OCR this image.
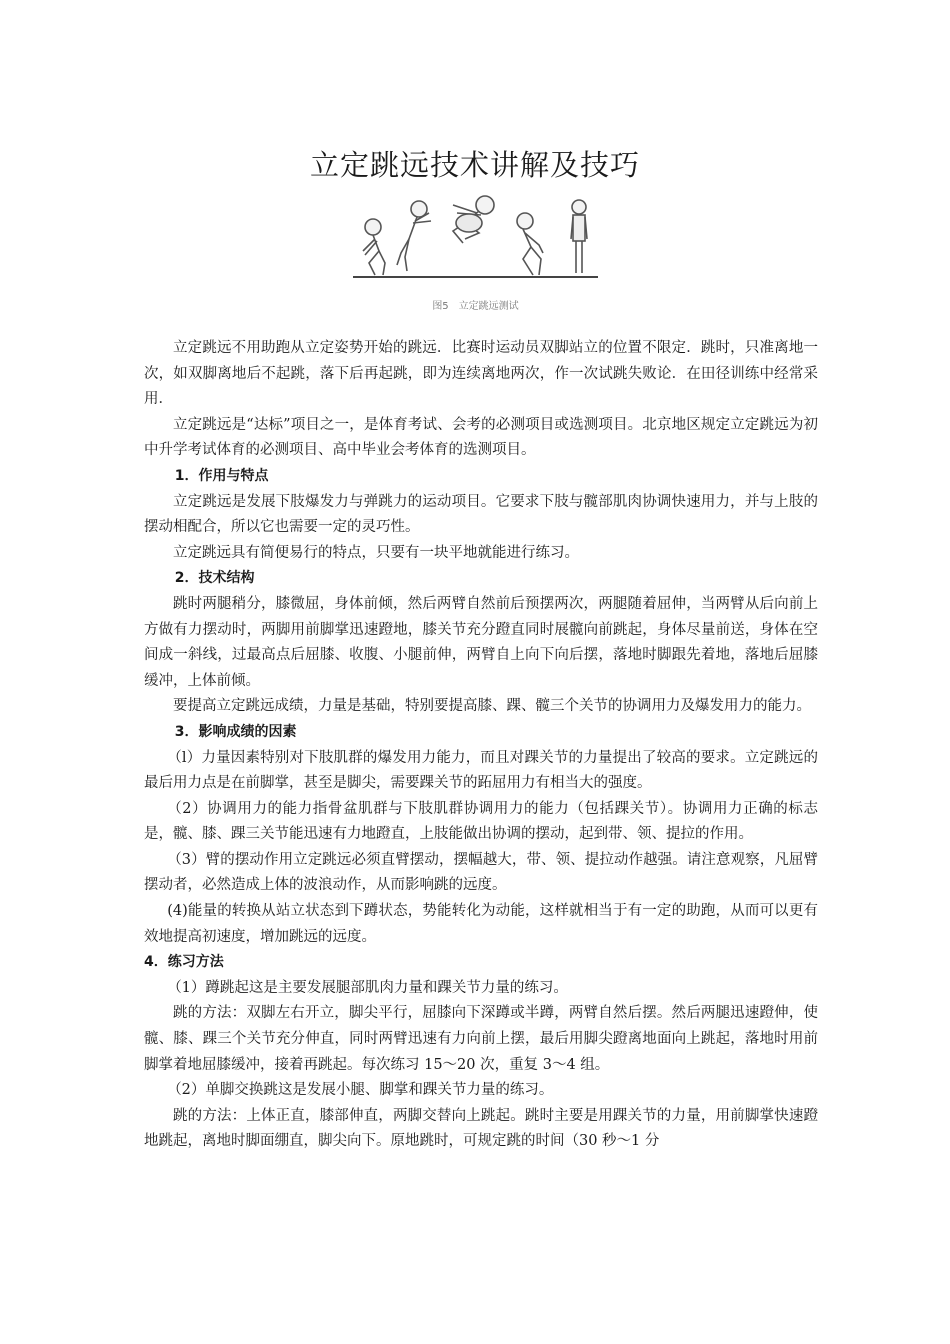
立定跳远技术讲解及技巧
图5　立定跳远测试

立定跳远不用助跑从立定姿势开始的跳远．比赛时运动员双脚站立的位置不限定．跳时，只准离地一次，如双脚离地后不起跳，落下后再起跳，即为连续离地两次，作一次试跳失败论．在田径训练中经常采用．

立定跳远是“达标”项目之一，是体育考试、会考的必测项目或选测项目。北京地区规定立定跳远为初中升学考试体育的必测项目、高中毕业会考体育的选测项目。

1．作用与特点

立定跳远是发展下肢爆发力与弹跳力的运动项目。它要求下肢与髋部肌肉协调快速用力，并与上肢的摆动相配合，所以它也需要一定的灵巧性。

立定跳远具有简便易行的特点，只要有一块平地就能进行练习。

2．技术结构

跳时两腿稍分，膝微屈，身体前倾，然后两臂自然前后预摆两次，两腿随着屈伸，当两臂从后向前上方做有力摆动时，两脚用前脚掌迅速蹬地，膝关节充分蹬直同时展髋向前跳起，身体尽量前送，身体在空间成一斜线，过最高点后屈膝、收腹、小腿前伸，两臂自上向下向后摆，落地时脚跟先着地，落地后屈膝缓冲，上体前倾。

要提高立定跳远成绩，力量是基础，特别要提高膝、踝、髋三个关节的协调用力及爆发用力的能力。

3．影响成绩的因素

（l）力量因素特别对下肢肌群的爆发用力能力，而且对踝关节的力量提出了较高的要求。立定跳远的最后用力点是在前脚掌，甚至是脚尖，需要踝关节的跖屈用力有相当大的强度。

（2）协调用力的能力指骨盆肌群与下肢肌群协调用力的能力（包括踝关节）。协调用力正确的标志是，髋、膝、踝三关节能迅速有力地蹬直，上肢能做出协调的摆动，起到带、领、提拉的作用。

（3）臂的摆动作用立定跳远必须直臂摆动，摆幅越大，带、领、提拉动作越强。请注意观察，凡屈臂摆动者，必然造成上体的波浪动作，从而影响跳的远度。

(4)能量的转换从站立状态到下蹲状态，势能转化为动能，这样就相当于有一定的助跑，从而可以更有效地提高初速度，增加跳远的远度。

4．练习方法

（1）蹲跳起这是主要发展腿部肌肉力量和踝关节力量的练习。

跳的方法：双脚左右开立，脚尖平行，屈膝向下深蹲或半蹲，两臂自然后摆。然后两腿迅速蹬伸，使髋、膝、踝三个关节充分伸直，同时两臂迅速有力向前上摆，最后用脚尖蹬离地面向上跳起，落地时用前脚掌着地屈膝缓冲，接着再跳起。每次练习 15～20 次，重复 3～4 组。

（2）单脚交换跳这是发展小腿、脚掌和踝关节力量的练习。

跳的方法：上体正直，膝部伸直，两脚交替向上跳起。跳时主要是用踝关节的力量，用前脚掌快速蹬地跳起，离地时脚面绷直，脚尖向下。原地跳时，可规定跳的时间（30 秒～1 分
